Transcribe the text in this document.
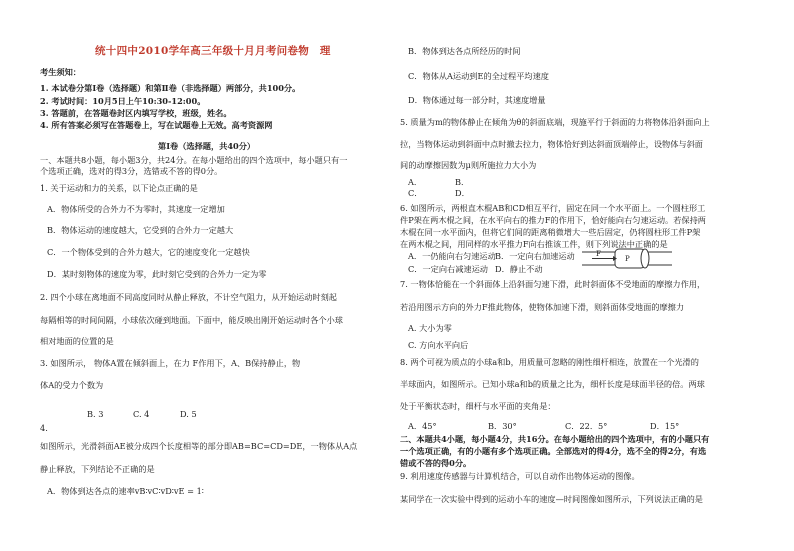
统十四中2010学年高三年级十月月考问卷物　理
考生须知：
1. 本试卷分第Ⅰ卷（选择题）和第Ⅱ卷（非选择题）两部分，共100分。
2. 考试时间：10月5日上午10:30-12:00。
3. 答题前，在答题卷封区内填写学校，班级，姓名。
4. 所有答案必须写在答题卷上，写在试题卷上无效。高考资源网
第Ⅰ卷（选择题，共40分）
一、本题共8小题，每小题3分，共24分。在每小题给出的四个选项中，每小题只有一
个选项正确，选对的得3分，选错或不答的得0分。
1. 关于运动和力的关系，以下论点正确的是
A．物体所受的合外力不为零时，其速度一定增加
B．物体运动的速度越大，它受到的合外力一定越大
C．一个物体受到的合外力越大，它的速度变化一定越快
D．某时刻物体的速度为零，此时刻它受到的合外力一定为零
2. 四个小球在离地面不同高度同时从静止释放，不计空气阻力，从开始运动时刻起
每隔相等的时间间隔，小球依次碰到地面。下面中，能反映出刚开始运动时各个小球
相对地面的位置的是
3. 如图所示， 物体A置在倾斜面上，在力 F作用下，A、B保持静止，物
体A的受力个数为
B. 3	C. 4	D. 5
4.
如图所示，光滑斜面AE被分成四个长度相等的部分即AB=BC=CD=DE，一物体从A点
静止释放，下列结论不正确的是
A．物体到达各点的速率vB∶vC∶vD∶vE = 1∶
B．物体到达各点所经历的时间
C．物体从A运动到E的全过程平均速度
D．物体通过每一部分时，其速度增量
5. 质量为m的物体静止在倾角为θ的斜面底端，现施平行于斜面的力将物体沿斜面向上
拉，当物体运动到斜面中点时撤去拉力，物体恰好到达斜面顶端停止，设物体与斜面
间的动摩擦因数为μ则所施拉力大小为
A．	B．
C．	D．
6. 如图所示，两根直木棍AB和CD相互平行，固定在同一个水平面上。一个圆柱形工
件P架在两木棍之间，在水平向右的推力F的作用下，恰好能向右匀速运动。若保持两
木棍在同一水平面内，但将它们间的距离稍微增大一些后固定，仍将圆柱形工件P架
在两木棍之间，用同样的水平推力F向右推该工件，则下列说法中正确的是
A．一仍能向右匀速运动 B．一定向右加速运动
C．一定向右减速运动 D．静止不动
P
F
7. 一物体恰能在一个斜面体上沿斜面匀速下滑，此时斜面体不受地面的摩擦力作用，
若沿用图示方向的外力F推此物体，使物体加速下滑，则斜面体受地面的摩擦力
A. 大小为零
C. 方向水平向后
8. 两个可视为质点的小球a和b，用质量可忽略的刚性细杆相连，放置在一个光滑的
半球面内，如图所示。已知小球a和b的质量之比为，细杆长度是球面半径的倍。两球
处于平衡状态时，细杆与水平面的夹角是：
A．45°	B．30°	C．22．5°	D．15°
二、本题共4小题，每小题4分，共16分。在每小题给出的四个选项中，有的小题只有
一个选项正确，有的小题有多个选项正确。全部选对的得4分，选不全的得2分，有选
错或不答的得0分。
9. 利用速度传感器与计算机结合，可以自动作出物体运动的图像。
某同学在一次实验中得到的运动小车的速度—时间图像如图所示，下列说法正确的是
